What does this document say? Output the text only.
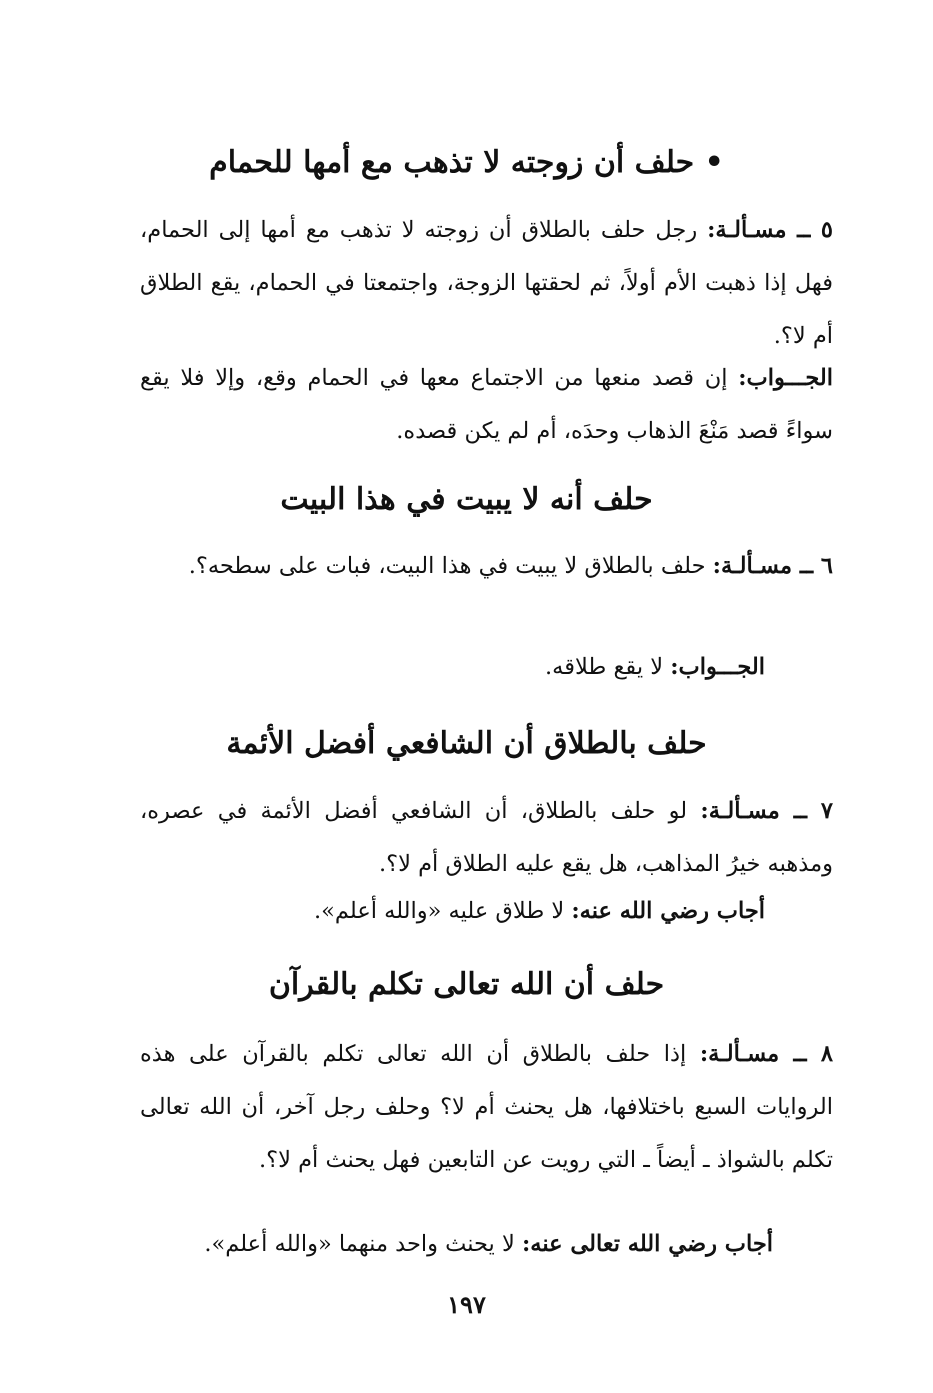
• حلف أن زوجته لا تذهب مع أمها للحمام
٥ ــ مسـألـة: رجل حلف بالطلاق أن زوجته لا تذهب مع أمها إلى الحمام، فهل إذا ذهبت الأم أولاً، ثم لحقتها الزوجة، واجتمعتا في الحمام، يقع الطلاق أم لا؟.
الجـــواب: إن قصد منعها من الاجتماع معها في الحمام وقع، وإلا فلا يقع سواءً قصد مَنْعَ الذهاب وحدَه، أم لم يكن قصده.
حلف أنه لا يبيت في هذا البيت
٦ ــ مسـألـة: حلف بالطلاق لا يبيت في هذا البيت، فبات على سطحه؟.
الجـــواب: لا يقع طلاقه.
حلف بالطلاق أن الشافعي أفضل الأئمة
٧ ــ مسـألـة: لو حلف بالطلاق، أن الشافعي أفضل الأئمة في عصره، ومذهبه خيرُ المذاهب، هل يقع عليه الطلاق أم لا؟.
أجاب رضي الله عنه: لا طلاق عليه «والله أعلم».
حلف أن الله تعالى تكلم بالقرآن
٨ ــ مسـألـة: إذا حلف بالطلاق أن الله تعالى تكلم بالقرآن على هذه الروايات السبع باختلافها، هل يحنث أم لا؟ وحلف رجل آخر، أن الله تعالى تكلم بالشواذ ـ أيضاً ـ التي رويت عن التابعين فهل يحنث أم لا؟.
أجاب رضي الله تعالى عنه: لا يحنث واحد منهما «والله أعلم».
١٩٧
